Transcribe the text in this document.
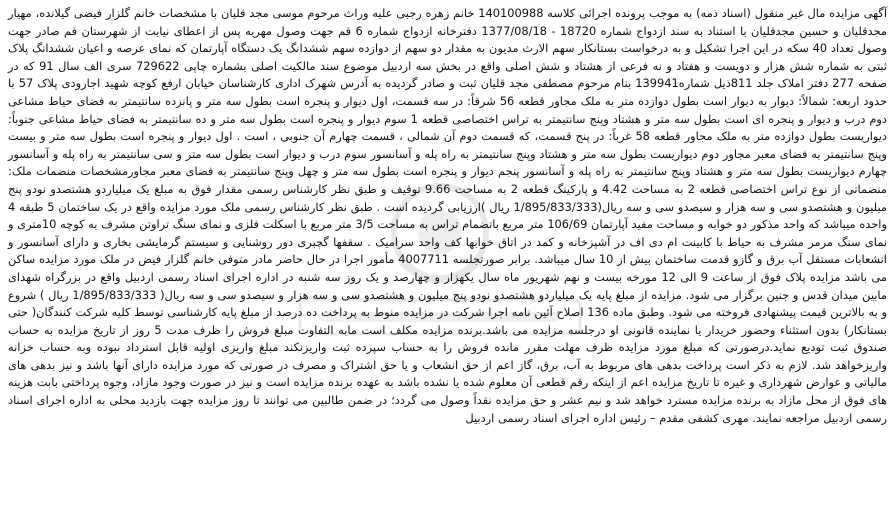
آگهی مزایده مال غیر منقول (اسناد ذمه) به موجب پرونده اجرائی کلاسه 140100988 خانم زهره رجبی علیه وراث مرحوم موسی مجد قلیان با مشخصات خانم گلزار فیضی گیلانده، مهیار مجدقلیان و حسین مجدقلیان با استناد به سند ازدواج شماره 18720 - 1377/08/18 دفترخانه ازدواج شماره 6 قم جهت وصول مهریه پس از اعطای نیابت از شهرستان قم صادر جهت وصول تعداد 40 سکه در این اجرا تشکیل و به درخواست بستانکار سهم الارث مدیون به مقدار دو سهم از دوازده سهم ششدانگ یک دستگاه آپارتمان که نمای عرصه و اعیان ششدانگ پلاک ثبتی به شماره شش هزار و دویست و هفتاد و نه فرعی از هشتاد و شش اصلی واقع در بخش سه اردبیل موضوع سند مالکیت اصلی بشماره چاپی 729622 سری الف سال 91 که در صفحه 277 دفتر املاک جلد 811ذیل شماره139941 بنام مرحوم مصطفی مجد قلیان ثبت و صادر گردیده به آدرس شهرک اداری کارشناسان خیابان ارفع کوچه شهید اجارودی پلاک 57 با حدود اربعه: شمالاً: دیوار به دیوار است بطول دوازده متر به ملک مجاور قطعه 56 شرقاً: در سه قسمت، اول دیوار و پنجره است بطول سه متر و پانزده سانتیمتر به فضای حیاط مشاعی دوم درب و دیوار و پنجره ای است بطول سه متر و هشتاد وپنج سانتیمتر به تراس اختصاصی قطعه 1 سوم دیوار و پنجره است بطول سه متر و ده سانتیمتر به فضای حیاط مشاعی جنوباً: دیواریست بطول دوازده متر به ملک مجاور قطعه 58 غرباً: در پنج قسمت، که قسمت دوم آن شمالی ، قسمت چهارم آن جنوبی ، است . اول دیوار و پنجره است بطول سه متر و بیست وپنج سانتیمتر به فضای معبر مجاور دوم دیواریست بطول سه متر و هشتاد وپنج سانتیمتر به راه پله و آسانسور سوم درب و دیوار است بطول سه متر و سی سانتیمتر به راه پله و آسانسور چهارم دیواریست بطول سه متر و هشتاد وپنج سانتیمتر به راه پله و آسانسور پنجم دیوار و پنجره است بطول سه متر و چهل وپنج سانتیمتر به فضای معبر مجاورمشخصات منضمات ملک: منضماتی از نوع تراس اختصاصی قطعه 2 به مساحت 4.42 و پارکینگ قطعه 2 به مساحت 9.66 توقیف و طبق نظر کارشناس رسمی مقدار فوق به مبلغ یک میلیاردو هشتصدو نودو پنج میلیون و هشتصدو سی و سه هزار و سیصدو سی و سه ریال(1/895/833/333 ریال )ارزیابی گردیده است . طبق نظر کارشناس رسمی ملک مورد مزایده واقع در یک ساختمان 5 طبقه 4 واحده میباشد که واحد مذکور دو خوابه و مساحت مفید آپارتمان 106/69 متر مربع باتضمام تراس به مساحت 3/5 متر مربع با اسکلت فلزی و نمای سنگ تراوتن مشرف به کوچه 10متری و نمای سنگ مرمر مشرف به حیاط با کابینت ام دی اف در آشپزخانه و کمد در اتاق خوابها کف واحد سرامیک . سقفها گچبری دور روشنایی و سیستم گرمایشی بخاری و دارای آسانسور و انشعابات مستقل آب برق و گازو قدمت ساختمان بیش از 10 سال میباشد. برابر صورتجلسه 4007711 مأمور اجرا در حال حاضر مادر متوفی خانم گلزار فیض در ملک مورد مزایده ساکن می باشد مزایده پلاک فوق از ساعت 9 الی 12 مورخه بیست و نهم شهریور ماه سال یکهزار و چهارصد و یک روز سه شنبه در اداره اجرای اسناد رسمی اردبیل واقع در بزرگراه شهدای مابین میدان قدس و جنین برگزار می شود. مزایده از مبلغ پایه یک میلیاردو هشتصدو نودو پنج میلیون و هشتصدو سی و سه هزار و سیصدو سی و سه ریال( 1/895/833/333 ریال ) شروع و به بالاترین قیمت پیشنهادی فروخته می شود. وطبق ماده 136 اصلاح آئین نامه اجرا شرکت در مزایده منوط به پرداخت ده درصد از مبلغ پایه کارشناسی توسط کلیه شرکت کنندگان( حتی بستانکار) بدون استثناء وحضور خریدار یا نماینده قانونی او درجلسه مزایده می باشد.برنده مزایده مکلف است مابه التفاوت مبلغ فروش را ظرف مدت 5 روز از تاریخ مزایده به حساب صندوق ثبت تودیع نماید.درصورتی که مبلغ مورد مزایده ظرف مهلت مقرر مانده فروش را به حساب سپرده ثبت واریزنکند مبلغ واریزی اولیه قابل استرداد نبوده وبه حساب خزانه واریزخواهد شد. لازم به ذکر است پرداخت بدهی های مربوط به آب، برق، گاز اعم از حق انشعاب و یا حق اشتراک و مصرف در صورتی که مورد مزایده دارای آنها باشد و نیز بدهی های مالیاتی و عوارض شهرداری و غیره تا تاریخ مزایده اعم از اینکه رقم قطعی آن معلوم شده یا نشده باشد به عهده برنده مزایده است و نیز در صورت وجود مازاد، وجوه پرداختی بابت هزینه های فوق از محل مازاد به برنده مزایده مسترد خواهد شد و نیم عشر و حق مزایده نقداً وصول می گردد؛ در ضمن طالبین می توانند تا روز مزایده جهت بازدید محلی به اداره اجرای اسناد رسمی اردبیل مراجعه نمایند. مهری کشفی مقدم – رئیس اداره اجرای اسناد رسمی اردبیل
